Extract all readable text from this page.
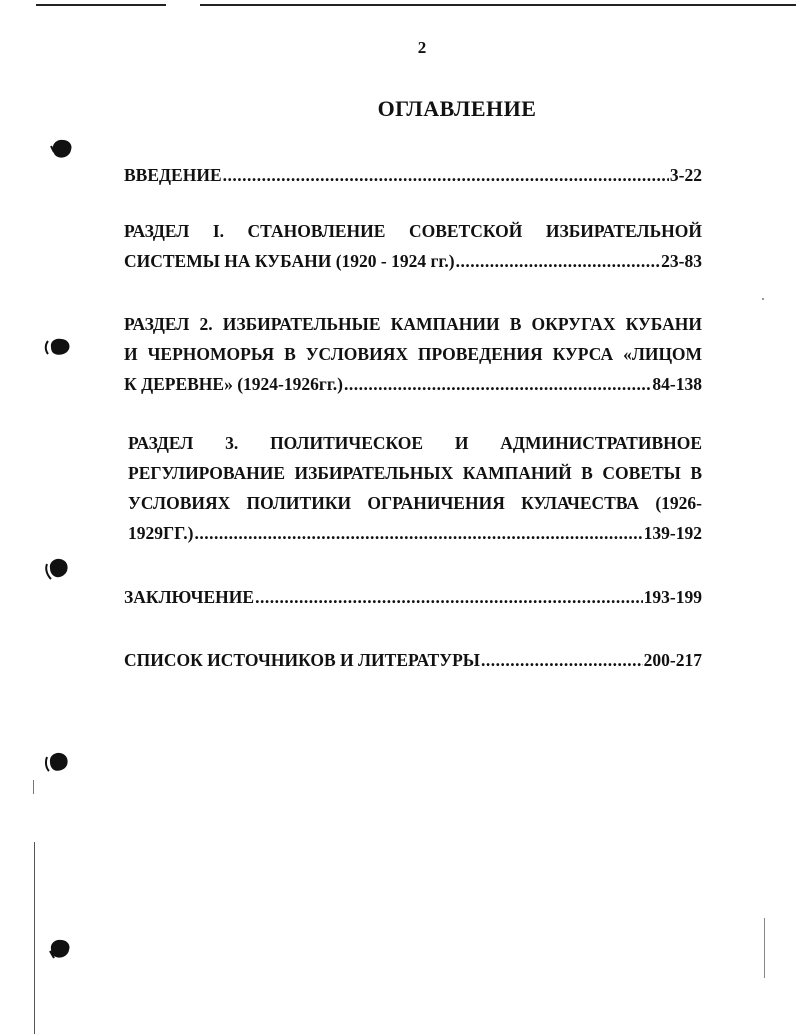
2
ОГЛАВЛЕНИЕ
ВВЕДЕНИЕ .....	3-22
РАЗДЕЛ I. СТАНОВЛЕНИЕ СОВЕТСКОЙ ИЗБИРАТЕЛЬНОЙ
СИСТЕМЫ НА КУБАНИ (1920 - 1924 гг.) .....	23-83
РАЗДЕЛ 2. ИЗБИРАТЕЛЬНЫЕ КАМПАНИИ В ОКРУГАХ КУБАНИ
И ЧЕРНОМОРЬЯ В УСЛОВИЯХ ПРОВЕДЕНИЯ КУРСА «ЛИЦОМ
К ДЕРЕВНЕ» (1924-1926гг.) .....	84-138
РАЗДЕЛ 3. ПОЛИТИЧЕСКОЕ И АДМИНИСТРАТИВНОЕ
РЕГУЛИРОВАНИЕ ИЗБИРАТЕЛЬНЫХ КАМПАНИЙ В СОВЕТЫ В
УСЛОВИЯХ ПОЛИТИКИ ОГРАНИЧЕНИЯ КУЛАЧЕСТВА (1926-
1929ГГ.) .....	139-192
ЗАКЛЮЧЕНИЕ .....	193-199
СПИСОК ИСТОЧНИКОВ И ЛИТЕРАТУРЫ .....	200-217
